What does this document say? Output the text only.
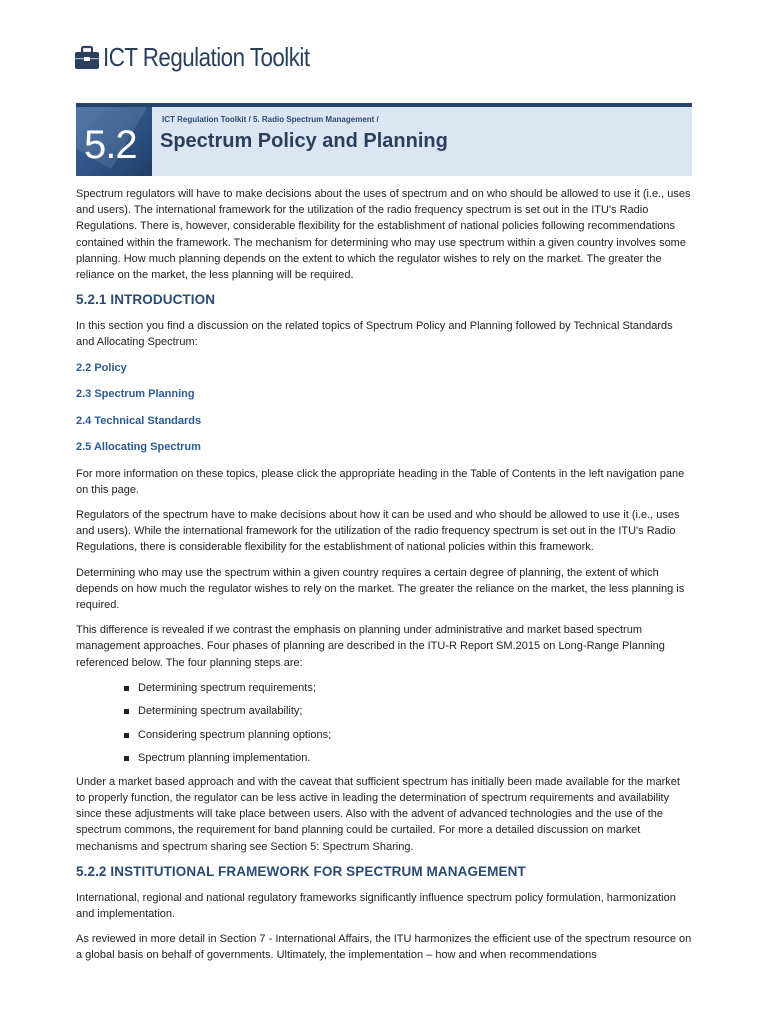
ICT Regulation Toolkit
5.2
ICT Regulation Toolkit / 5. Radio Spectrum Management /
Spectrum Policy and Planning

Spectrum regulators will have to make decisions about the uses of spectrum and on who should be allowed to use it (i.e., uses and users). The international framework for the utilization of the radio frequency spectrum is set out in the ITU's Radio Regulations. There is, however, considerable flexibility for the establishment of national policies following recommendations contained within the framework. The mechanism for determining who may use spectrum within a given country involves some planning. How much planning depends on the extent to which the regulator wishes to rely on the market. The greater the reliance on the market, the less planning will be required.

5.2.1 INTRODUCTION

In this section you find a discussion on the related topics of Spectrum Policy and Planning followed by Technical Standards and Allocating Spectrum:

2.2 Policy
2.3 Spectrum Planning
2.4 Technical Standards
2.5 Allocating Spectrum

For more information on these topics, please click the appropriate heading in the Table of Contents in the left navigation pane on this page.

Regulators of the spectrum have to make decisions about how it can be used and who should be allowed to use it (i.e., uses and users). While the international framework for the utilization of the radio frequency spectrum is set out in the ITU's Radio Regulations, there is considerable flexibility for the establishment of national policies within this framework.

Determining who may use the spectrum within a given country requires a certain degree of planning, the extent of which depends on how much the regulator wishes to rely on the market. The greater the reliance on the market, the less planning is required.

This difference is revealed if we contrast the emphasis on planning under administrative and market based spectrum management approaches. Four phases of planning are described in the ITU-R Report SM.2015 on Long-Range Planning referenced below. The four planning steps are:

Determining spectrum requirements;
Determining spectrum availability;
Considering spectrum planning options;
Spectrum planning implementation.

Under a market based approach and with the caveat that sufficient spectrum has initially been made available for the market to properly function, the regulator can be less active in leading the determination of spectrum requirements and availability since these adjustments will take place between users. Also with the advent of advanced technologies and the use of the spectrum commons, the requirement for band planning could be curtailed. For more a detailed discussion on market mechanisms and spectrum sharing see Section 5: Spectrum Sharing.

5.2.2 INSTITUTIONAL FRAMEWORK FOR SPECTRUM MANAGEMENT

International, regional and national regulatory frameworks significantly influence spectrum policy formulation, harmonization and implementation.

As reviewed in more detail in Section 7 - International Affairs, the ITU harmonizes the efficient use of the spectrum resource on a global basis on behalf of governments. Ultimately, the implementation – how and when recommendations
